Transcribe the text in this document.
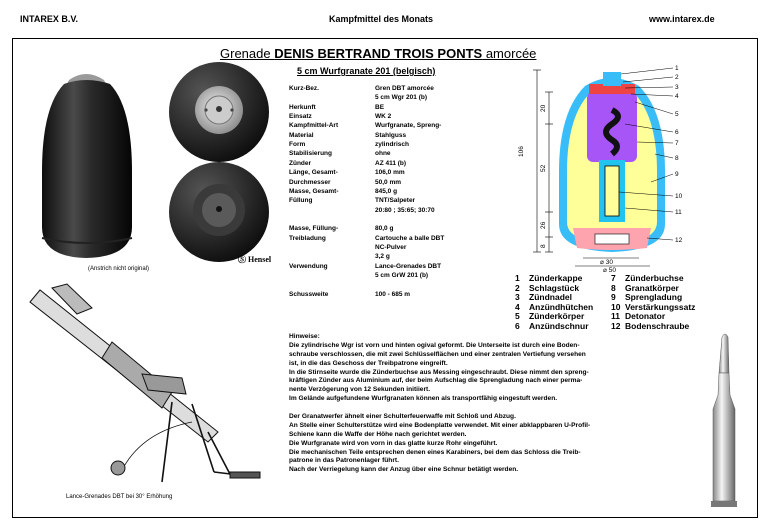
INTAREX B.V.	Kampfmittel des Monats	www.intarex.de
Grenade DENIS BERTRAND TROIS PONTS amorcée
5 cm Wurfgranate 201 (belgisch)
(Anstrich nicht original)
Ⓢ Hensel
Kurz-Bez.	Gren DBT amorcée
5 cm Wgr 201 (b)
Herkunft	BE
Einsatz	WK 2
Kampfmittel-Art	Wurfgranate, Spreng-
Material	Stahlguss
Form	zylindrisch
Stabilisierung	ohne
Zünder	AZ 411 (b)
Länge, Gesamt-	106,0 mm
Durchmesser	50,0 mm
Masse, Gesamt-	845,0 g
Füllung	TNT/Salpeter
20:80 ; 35:65; 30:70
Masse, Füllung-	80,0 g
Treibladung	Cartouche a balle DBT
NC-Pulver
3,2 g
Verwendung	Lance-Grenades DBT
5 cm GrW 201 (b)
Schussweite	100 - 685 m
106
20
52
26
8
⌀ 30
⌀ 50
1
2
3
4
5
6
7
8
9
10
11
12
1 Zünderkappe
2 Schlagstück
3 Zündnadel
4 Anzündhütchen
5 Zünderkörper
6 Anzündschnur
7 Zünderbuchse
8 Granatkörper
9 Sprengladung
10 Verstärkungssatz
11 Detonator
12 Bodenschraube
Lance-Grenades DBT bei 30° Erhöhung
Hinweise:
Die zylindrische Wgr ist vorn und hinten ogival geformt. Die Unterseite ist durch eine Boden-
schraube verschlossen, die mit zwei Schlüsselflächen und einer zentralen Vertiefung versehen
ist, in die das Geschoss der Treibpatrone eingreift.
In die Stirnseite wurde die Zünderbuchse aus Messing eingeschraubt. Diese nimmt den spreng-
kräftigen Zünder aus Aluminium auf, der beim Aufschlag die Sprengladung nach einer perma-
nente Verzögerung von 12 Sekunden initiiert.
Im Gelände aufgefundene Wurfgranaten können als transportfähig eingestuft werden.
Der Granatwerfer ähnelt einer Schulterfeuerwaffe mit Schloß und Abzug.
An Stelle einer Schulterstütze wird eine Bodenplatte verwendet. Mit einer abklappbaren U-Profil-
Schiene kann die Waffe der Höhe nach gerichtet werden.
Die Wurfgranate wird von vorn in das glatte kurze Rohr eingeführt.
Die mechanischen Teile entsprechen denen eines Karabiners, bei dem das Schloss die Treib-
patrone in das Patronenlager führt.
Nach der Verriegelung kann der Anzug über eine Schnur betätigt werden.
